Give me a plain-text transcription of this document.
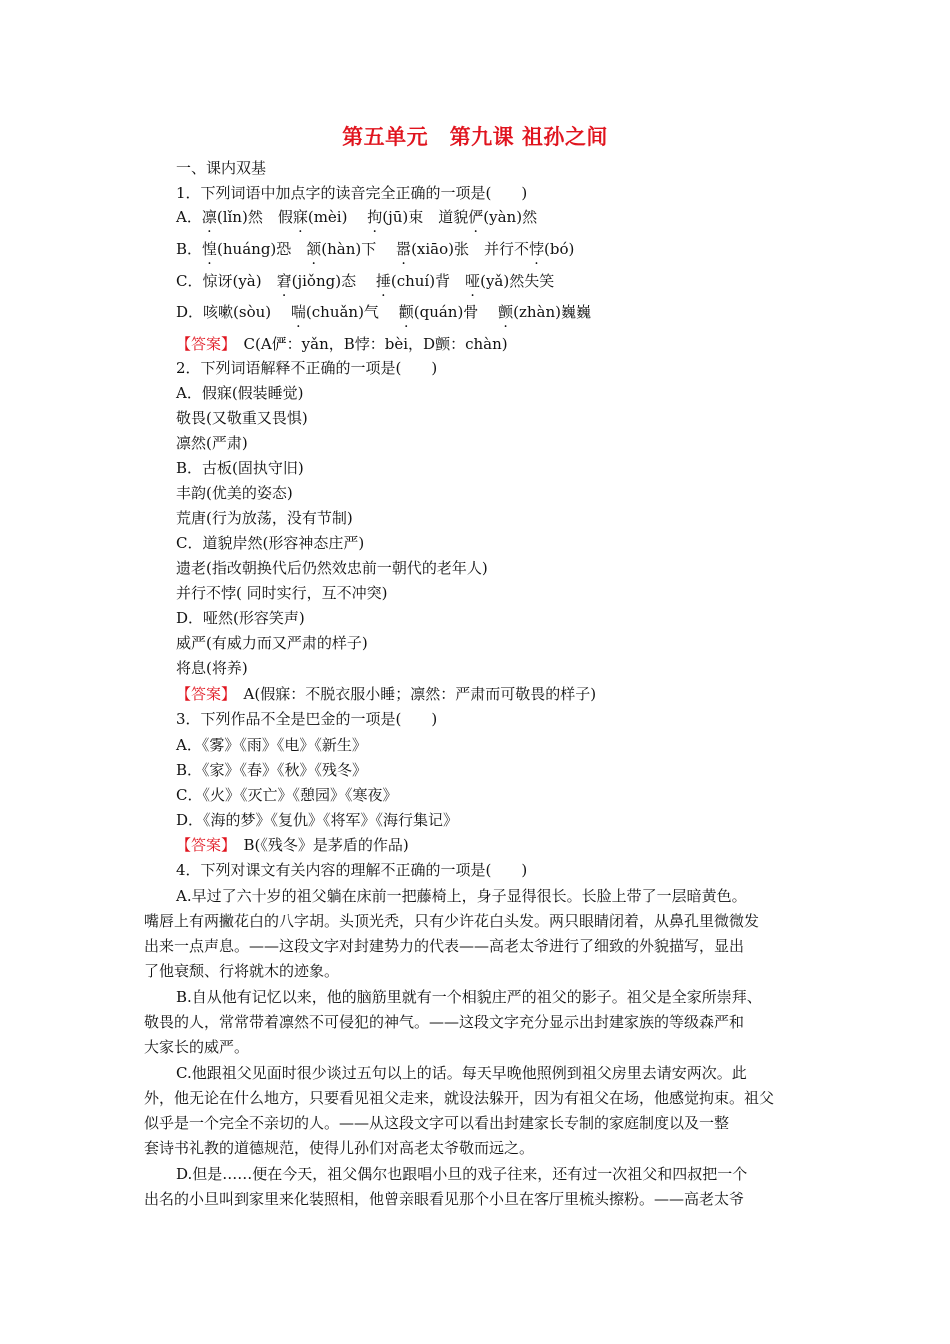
第五单元　第九课 祖孙之间
一、课内双基
1．下列词语中加点字的读音完全正确的一项是(　　)
A．凛(lǐn)然　假寐(mèi)　 拘(jū)束　道貌俨(yàn)然
B．惶(huáng)恐　颔(hàn)下　 嚣(xiāo)张　并行不悖(bó)
C．惊讶(yà)　窘(jiǒng)态　 捶(chuí)背　哑(yǎ)然失笑
D．咳嗽(sòu)　 喘(chuǎn)气　 颧(quán)骨　 颤(zhàn)巍巍
【答案】　C(A俨：yǎn，B悖：bèi，D颤：chàn)
2．下列词语解释不正确的一项是(　　)
A．假寐(假装睡觉)
敬畏(又敬重又畏惧)
凛然(严肃)
B．古板(固执守旧)
丰韵(优美的姿态)
荒唐(行为放荡，没有节制)
C．道貌岸然(形容神态庄严)
遗老(指改朝换代后仍然效忠前一朝代的老年人)
并行不悖( 同时实行，互不冲突)
D．哑然(形容笑声)
威严(有威力而又严肃的样子)
将息(将养)
【答案】　A(假寐：不脱衣服小睡；凛然：严肃而可敬畏的样子)
3．下列作品不全是巴金的一项是(　　)
A．《雾》《雨》《电》《新生》
B．《家》《春》《秋》《残冬》
C．《火》《灭亡》《憩园》《寒夜》
D．《海的梦》《复仇》《将军》《海行集记》
【答案】　B(《残冬》是茅盾的作品)
4．下列对课文有关内容的理解不正确的一项是(　　)
A.早过了六十岁的祖父躺在床前一把藤椅上，身子显得很长。长脸上带了一层暗黄色。
嘴唇上有两撇花白的八字胡。头顶光秃，只有少许花白头发。两只眼睛闭着，从鼻孔里微微发
出来一点声息。——这段文字对封建势力的代表——高老太爷进行了细致的外貌描写，显出
了他衰颓、行将就木的迹象。
B.自从他有记忆以来，他的脑筋里就有一个相貌庄严的祖父的影子。祖父是全家所崇拜、
敬畏的人，常常带着凛然不可侵犯的神气。——这段文字充分显示出封建家族的等级森严和
大家长的威严。
C.他跟祖父见面时很少谈过五句以上的话。每天早晚他照例到祖父房里去请安两次。此
外，他无论在什么地方，只要看见祖父走来，就设法躲开，因为有祖父在场，他感觉拘束。祖父
似乎是一个完全不亲切的人。——从这段文字可以看出封建家长专制的家庭制度以及一整
套诗书礼教的道德规范，使得儿孙们对高老太爷敬而远之。
D.但是……便在今天，祖父偶尔也跟唱小旦的戏子往来，还有过一次祖父和四叔把一个
出名的小旦叫到家里来化装照相，他曾亲眼看见那个小旦在客厅里梳头擦粉。——高老太爷
